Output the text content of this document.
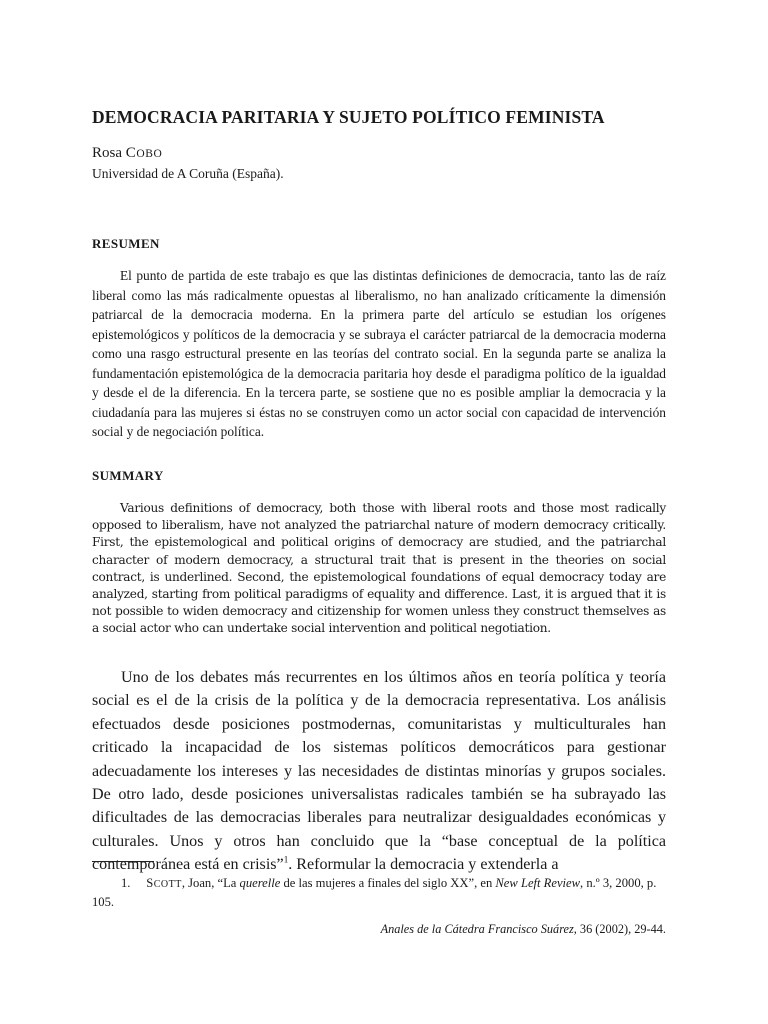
DEMOCRACIA PARITARIA Y SUJETO POLÍTICO FEMINISTA
Rosa COBO
Universidad de A Coruña (España).
RESUMEN

El punto de partida de este trabajo es que las distintas definiciones de democracia, tanto las de raíz liberal como las más radicalmente opuestas al liberalismo, no han analizado críticamente la dimensión patriarcal de la democracia moderna. En la primera parte del artículo se estudian los orígenes epistemológicos y políticos de la democracia y se subraya el carácter patriarcal de la democracia moderna como una rasgo estructural presente en las teorías del contrato social. En la segunda parte se analiza la fundamentación epistemológica de la democracia paritaria hoy desde el paradigma político de la igualdad y desde el de la diferencia. En la tercera parte, se sostiene que no es posible ampliar la democracia y la ciudadanía para las mujeres si éstas no se construyen como un actor social con capacidad de intervención social y de negociación política.

SUMMARY

Various definitions of democracy, both those with liberal roots and those most radically opposed to liberalism, have not analyzed the patriarchal nature of modern democracy critically. First, the epistemological and political origins of democracy are studied, and the patriarchal character of modern democracy, a structural trait that is present in the theories on social contract, is underlined. Second, the epistemological foundations of equal democracy today are analyzed, starting from political paradigms of equality and difference. Last, it is argued that it is not possible to widen democracy and citizenship for women unless they construct themselves as a social actor who can undertake social intervention and political negotiation.

Uno de los debates más recurrentes en los últimos años en teoría política y teoría social es el de la crisis de la política y de la democracia representativa. Los análisis efectuados desde posiciones postmodernas, comunitaristas y multiculturales han criticado la incapacidad de los sistemas políticos democráticos para gestionar adecuadamente los intereses y las necesidades de distintas minorías y grupos sociales. De otro lado, desde posiciones universalistas radicales también se ha subrayado las dificultades de las democracias liberales para neutralizar desigualdades económicas y culturales. Unos y otros han concluido que la “base conceptual de la política contemporánea está en crisis”$^1$. Reformular la democracia y extenderla a

1. SCOTT, Joan, “La querelle de las mujeres a finales del siglo XX”, en New Left Review, n.º 3, 2000, p. 105.

Anales de la Cátedra Francisco Suárez, 36 (2002), 29-44.
